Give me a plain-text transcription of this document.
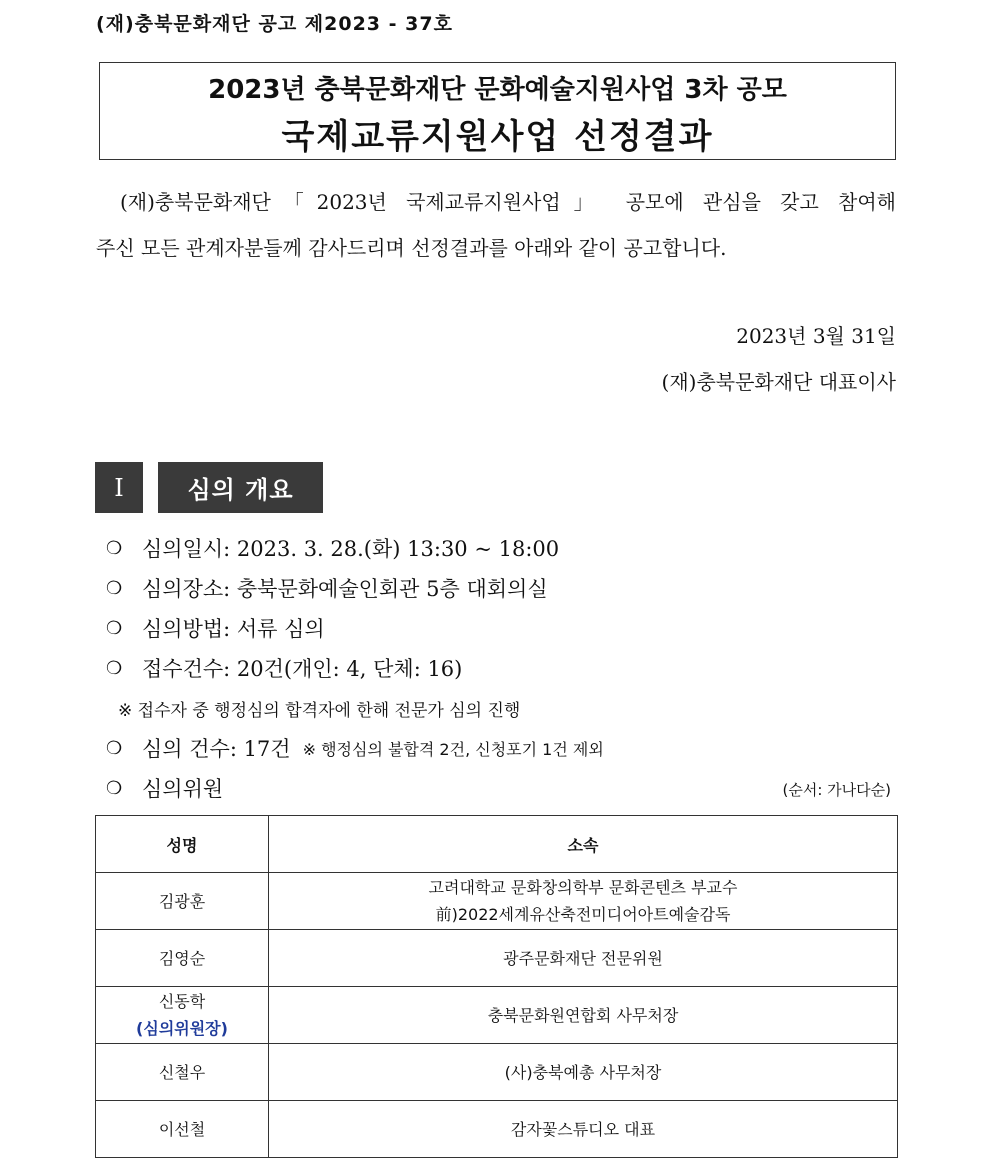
(재)충북문화재단 공고 제2023 - 37호
2023년 충북문화재단 문화예술지원사업 3차 공모
국제교류지원사업 선정결과
(재)충북문화재단「2023년 국제교류지원사업」 공모에 관심을 갖고 참여해
주신 모든 관계자분들께 감사드리며 선정결과를 아래와 같이 공고합니다.
2023년 3월 31일
(재)충북문화재단 대표이사
Ⅰ	심의 개요
❍ 심의일시: 2023. 3. 28.(화) 13:30 ~ 18:00
❍ 심의장소: 충북문화예술인회관 5층 대회의실
❍ 심의방법: 서류 심의
❍ 접수건수: 20건(개인: 4, 단체: 16)
※ 접수자 중 행정심의 합격자에 한해 전문가 심의 진행
❍ 심의 건수: 17건 ※ 행정심의 불합격 2건, 신청포기 1건 제외
❍ 심의위원	(순서: 가나다순)
성명	소속
김광훈	고려대학교 문화창의학부 문화콘텐츠 부교수
前)2022세계유산축전미디어아트예술감독

김영순	광주문화재단 전문위원

신동학
(심의위원장)	충북문화원연합회 사무처장
신철우	(사)충북예총 사무처장
이선철	감자꽃스튜디오 대표
